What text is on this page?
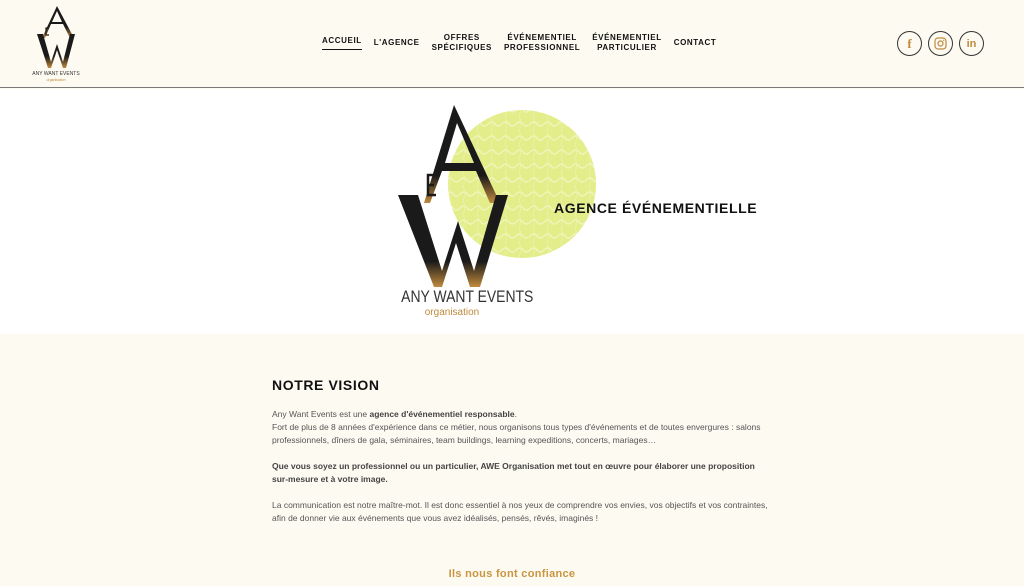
ANY WANT EVENTS
organisation
ACCUEIL L'AGENCE
OFFRES
SPÉCIFIQUES
ÉVÉNEMENTIEL
PROFESSIONNEL
ÉVÉNEMENTIEL
PARTICULIER
CONTACT	f	in
ANY WANT EVENTS
organisation
AGENCE ÉVÉNEMENTIELLE
NOTRE VISION
Any Want Events est une agence d'événementiel responsable.
Fort de plus de 8 années d'expérience dans ce métier, nous organisons tous types d'événements et de toutes envergures : salons professionnels, dîners de gala, séminaires, team buildings, learning expeditions, concerts, mariages…
Que vous soyez un professionnel ou un particulier, AWE Organisation met tout en œuvre pour élaborer une proposition sur-mesure et à votre image.
La communication est notre maître-mot. Il est donc essentiel à nos yeux de comprendre vos envies, vos objectifs et vos contraintes, afin de donner vie aux événements que vous avez idéalisés, pensés, rêvés, imaginés !
Ils nous font confiance
